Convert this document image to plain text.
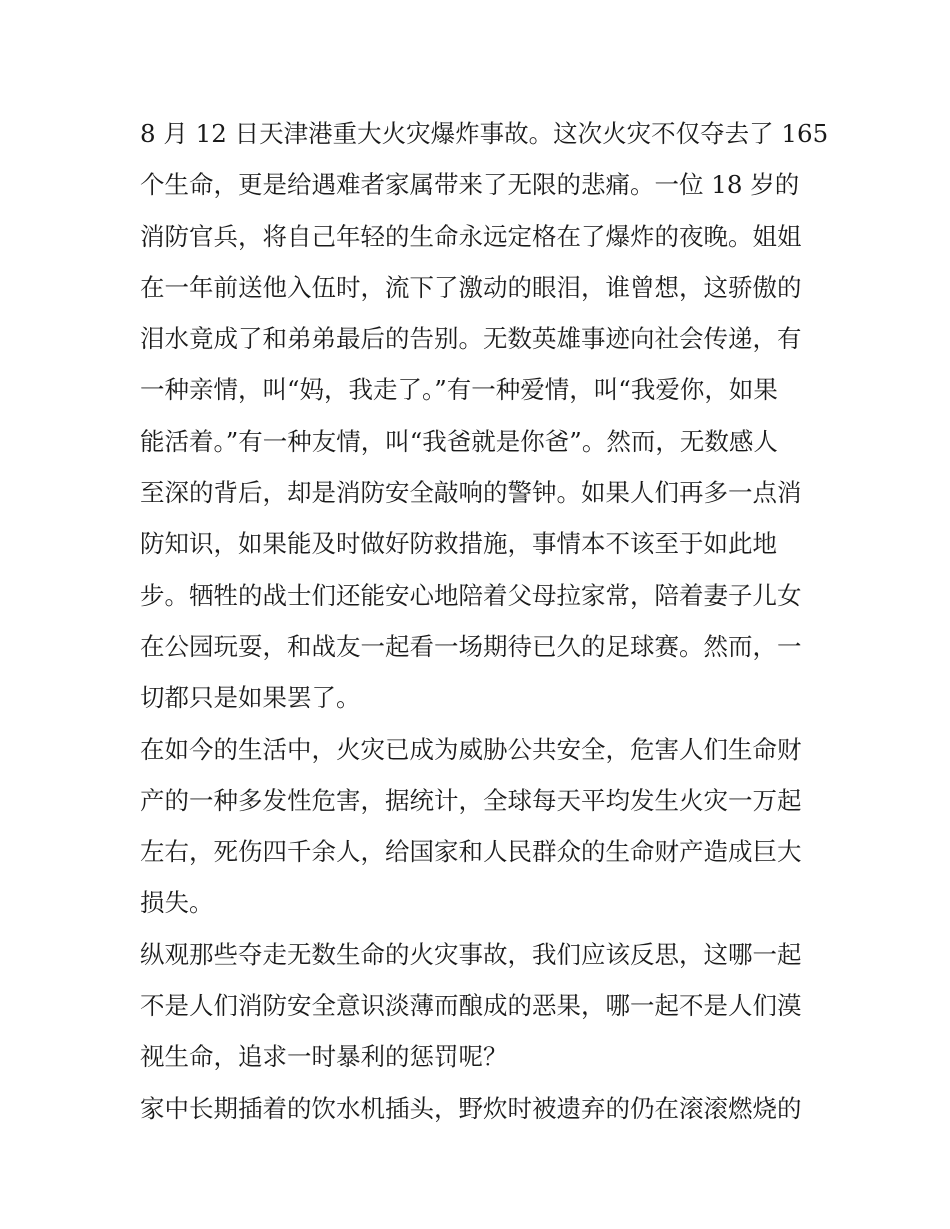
8 月 12 日天津港重大火灾爆炸事故。这次火灾不仅夺去了 165
个生命，更是给遇难者家属带来了无限的悲痛。一位 18 岁的
消防官兵，将自己年轻的生命永远定格在了爆炸的夜晚。姐姐
在一年前送他入伍时，流下了激动的眼泪，谁曾想，这骄傲的
泪水竟成了和弟弟最后的告别。无数英雄事迹向社会传递，有
一种亲情，叫“妈，我走了。”有一种爱情，叫“我爱你，如果
能活着。”有一种友情，叫“我爸就是你爸”。然而，无数感人
至深的背后，却是消防安全敲响的警钟。如果人们再多一点消
防知识，如果能及时做好防救措施，事情本不该至于如此地
步。牺牲的战士们还能安心地陪着父母拉家常，陪着妻子儿女
在公园玩耍，和战友一起看一场期待已久的足球赛。然而，一
切都只是如果罢了。
在如今的生活中，火灾已成为威胁公共安全，危害人们生命财
产的一种多发性危害，据统计，全球每天平均发生火灾一万起
左右，死伤四千余人，给国家和人民群众的生命财产造成巨大
损失。
纵观那些夺走无数生命的火灾事故，我们应该反思，这哪一起
不是人们消防安全意识淡薄而酿成的恶果，哪一起不是人们漠
视生命，追求一时暴利的惩罚呢？
家中长期插着的饮水机插头，野炊时被遗弃的仍在滚滚燃烧的
